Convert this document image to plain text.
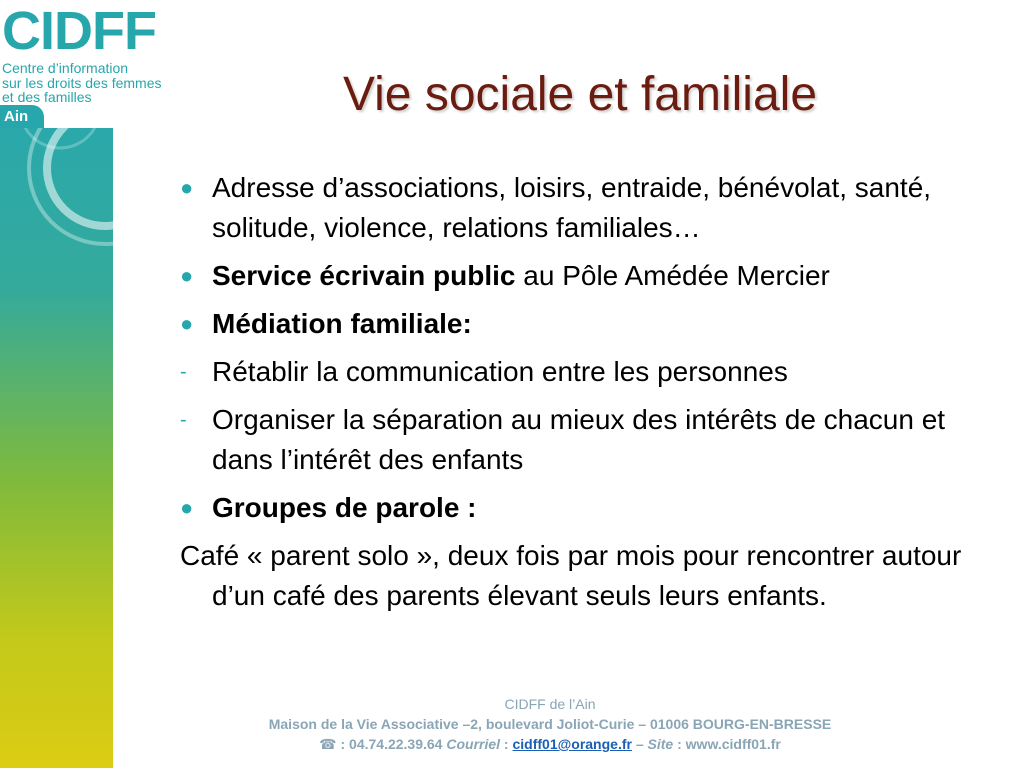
CIDFF
Centre d’information
sur les droits des femmes
et des familles
Ain	Vie sociale et familiale
● Adresse d’associations, loisirs, entraide, bénévolat, santé, solitude, violence, relations familiales…
● Service écrivain public au Pôle Amédée Mercier
● Médiation familiale:
- Rétablir la communication entre les personnes
- Organiser la séparation au mieux des intérêts de chacun et dans l’intérêt des enfants
● Groupes de parole :
Café « parent solo », deux fois par mois pour rencontrer autour d’un café des parents élevant seuls leurs enfants.
CIDFF de l’Ain
Maison de la Vie Associative –2, boulevard Joliot-Curie – 01006 BOURG-EN-BRESSE
☎ : 04.74.22.39.64 Courriel : cidff01@orange.fr – Site : www.cidff01.fr
